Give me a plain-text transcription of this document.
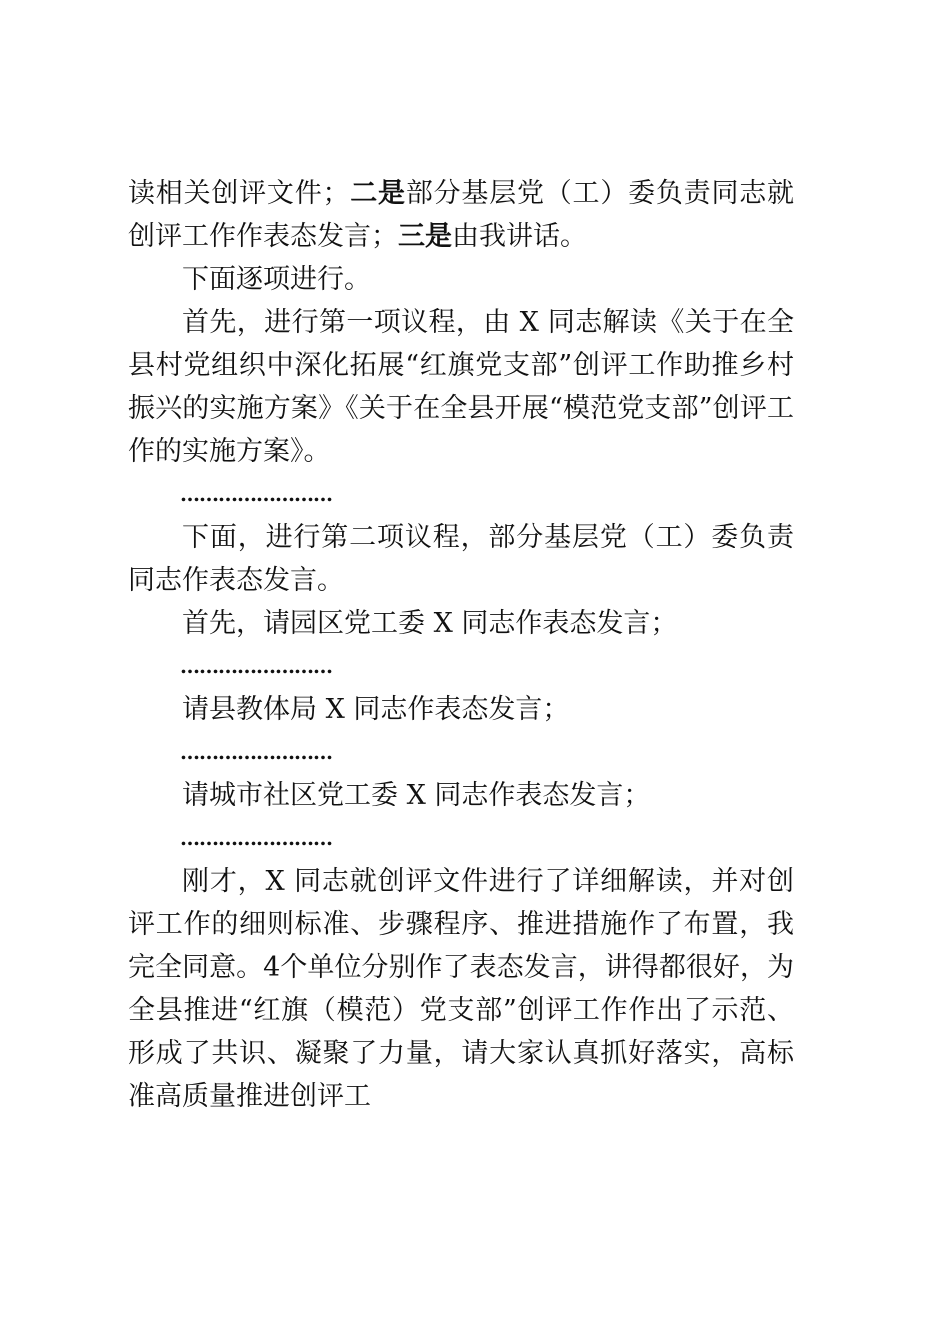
读相关创评文件；二是部分基层党（工）委负责同志就创评工作作表态发言；三是由我讲话。

下面逐项进行。

首先，进行第一项议程，由 X 同志解读《关于在全县村党组织中深化拓展“红旗党支部”创评工作助推乡村振兴的实施方案》《关于在全县开展“模范党支部”创评工作的实施方案》。

……………………

下面，进行第二项议程，部分基层党（工）委负责同志作表态发言。

首先，请园区党工委 X 同志作表态发言；

……………………

请县教体局 X 同志作表态发言；

……………………

请城市社区党工委 X 同志作表态发言；

……………………

刚才，X 同志就创评文件进行了详细解读，并对创评工作的细则标准、步骤程序、推进措施作了布置，我完全同意。4个单位分别作了表态发言，讲得都很好，为全县推进“红旗（模范）党支部”创评工作作出了示范、形成了共识、凝聚了力量，请大家认真抓好落实，高标准高质量推进创评工
